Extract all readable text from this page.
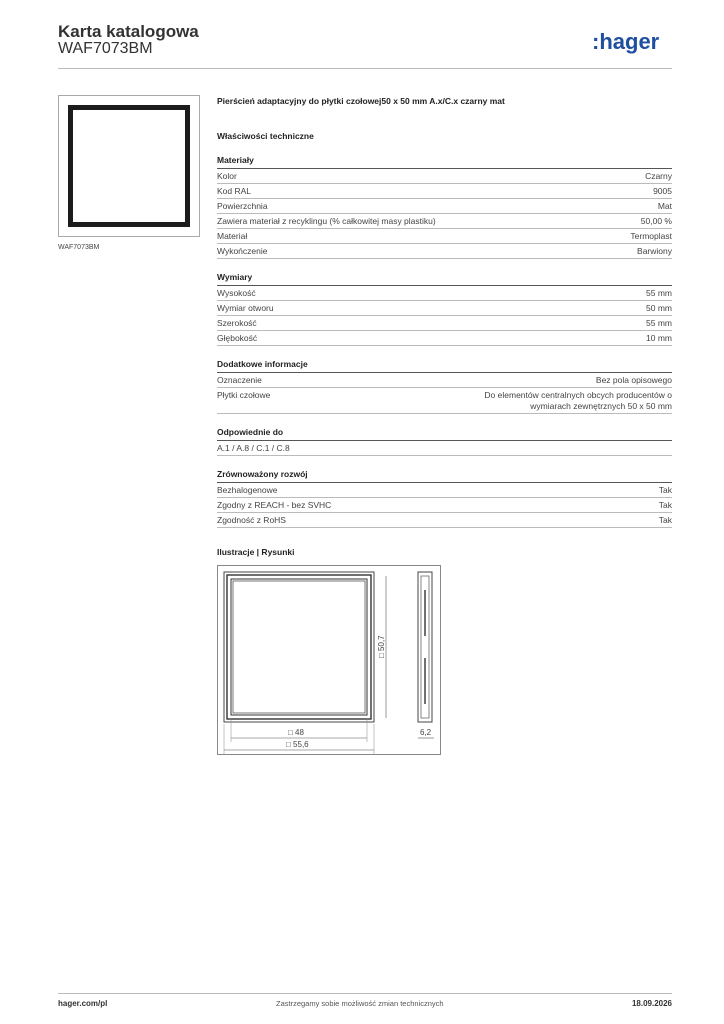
Karta katalogowa
WAF7073BM	:hager
WAF7073BM
Pierścień adaptacyjny do płytki czołowej50 x 50 mm A.x/C.x czarny mat
Właściwości techniczne
Materiały
Kolor	Czarny
Kod RAL	9005
Powierzchnia	Mat
Zawiera materiał z recyklingu (% całkowitej masy plastiku)	50,00 %
Materiał	Termoplast
Wykończenie	Barwiony
Wymiary
Wysokość	55 mm
Wymiar otworu	50 mm
Szerokość	55 mm
Głębokość	10 mm
Dodatkowe informacje
Oznaczenie	Bez pola opisowego
Płytki czołowe	Do elementów centralnych obcych producentów o wymiarach zewnętrznych 50 x 50 mm
Odpowiednie do
A.1 / A.8 / C.1 / C.8
Zrównoważony rozwój
Bezhalogenowe	Tak
Zgodny z REACH - bez SVHC	Tak
Zgodność z RoHS	Tak
Ilustracje | Rysunki
□ 48
□ 55,6
□ 50,7
6,2
hager.com/pl	Zastrzegamy sobie możliwość zmian technicznych	18.09.2026
